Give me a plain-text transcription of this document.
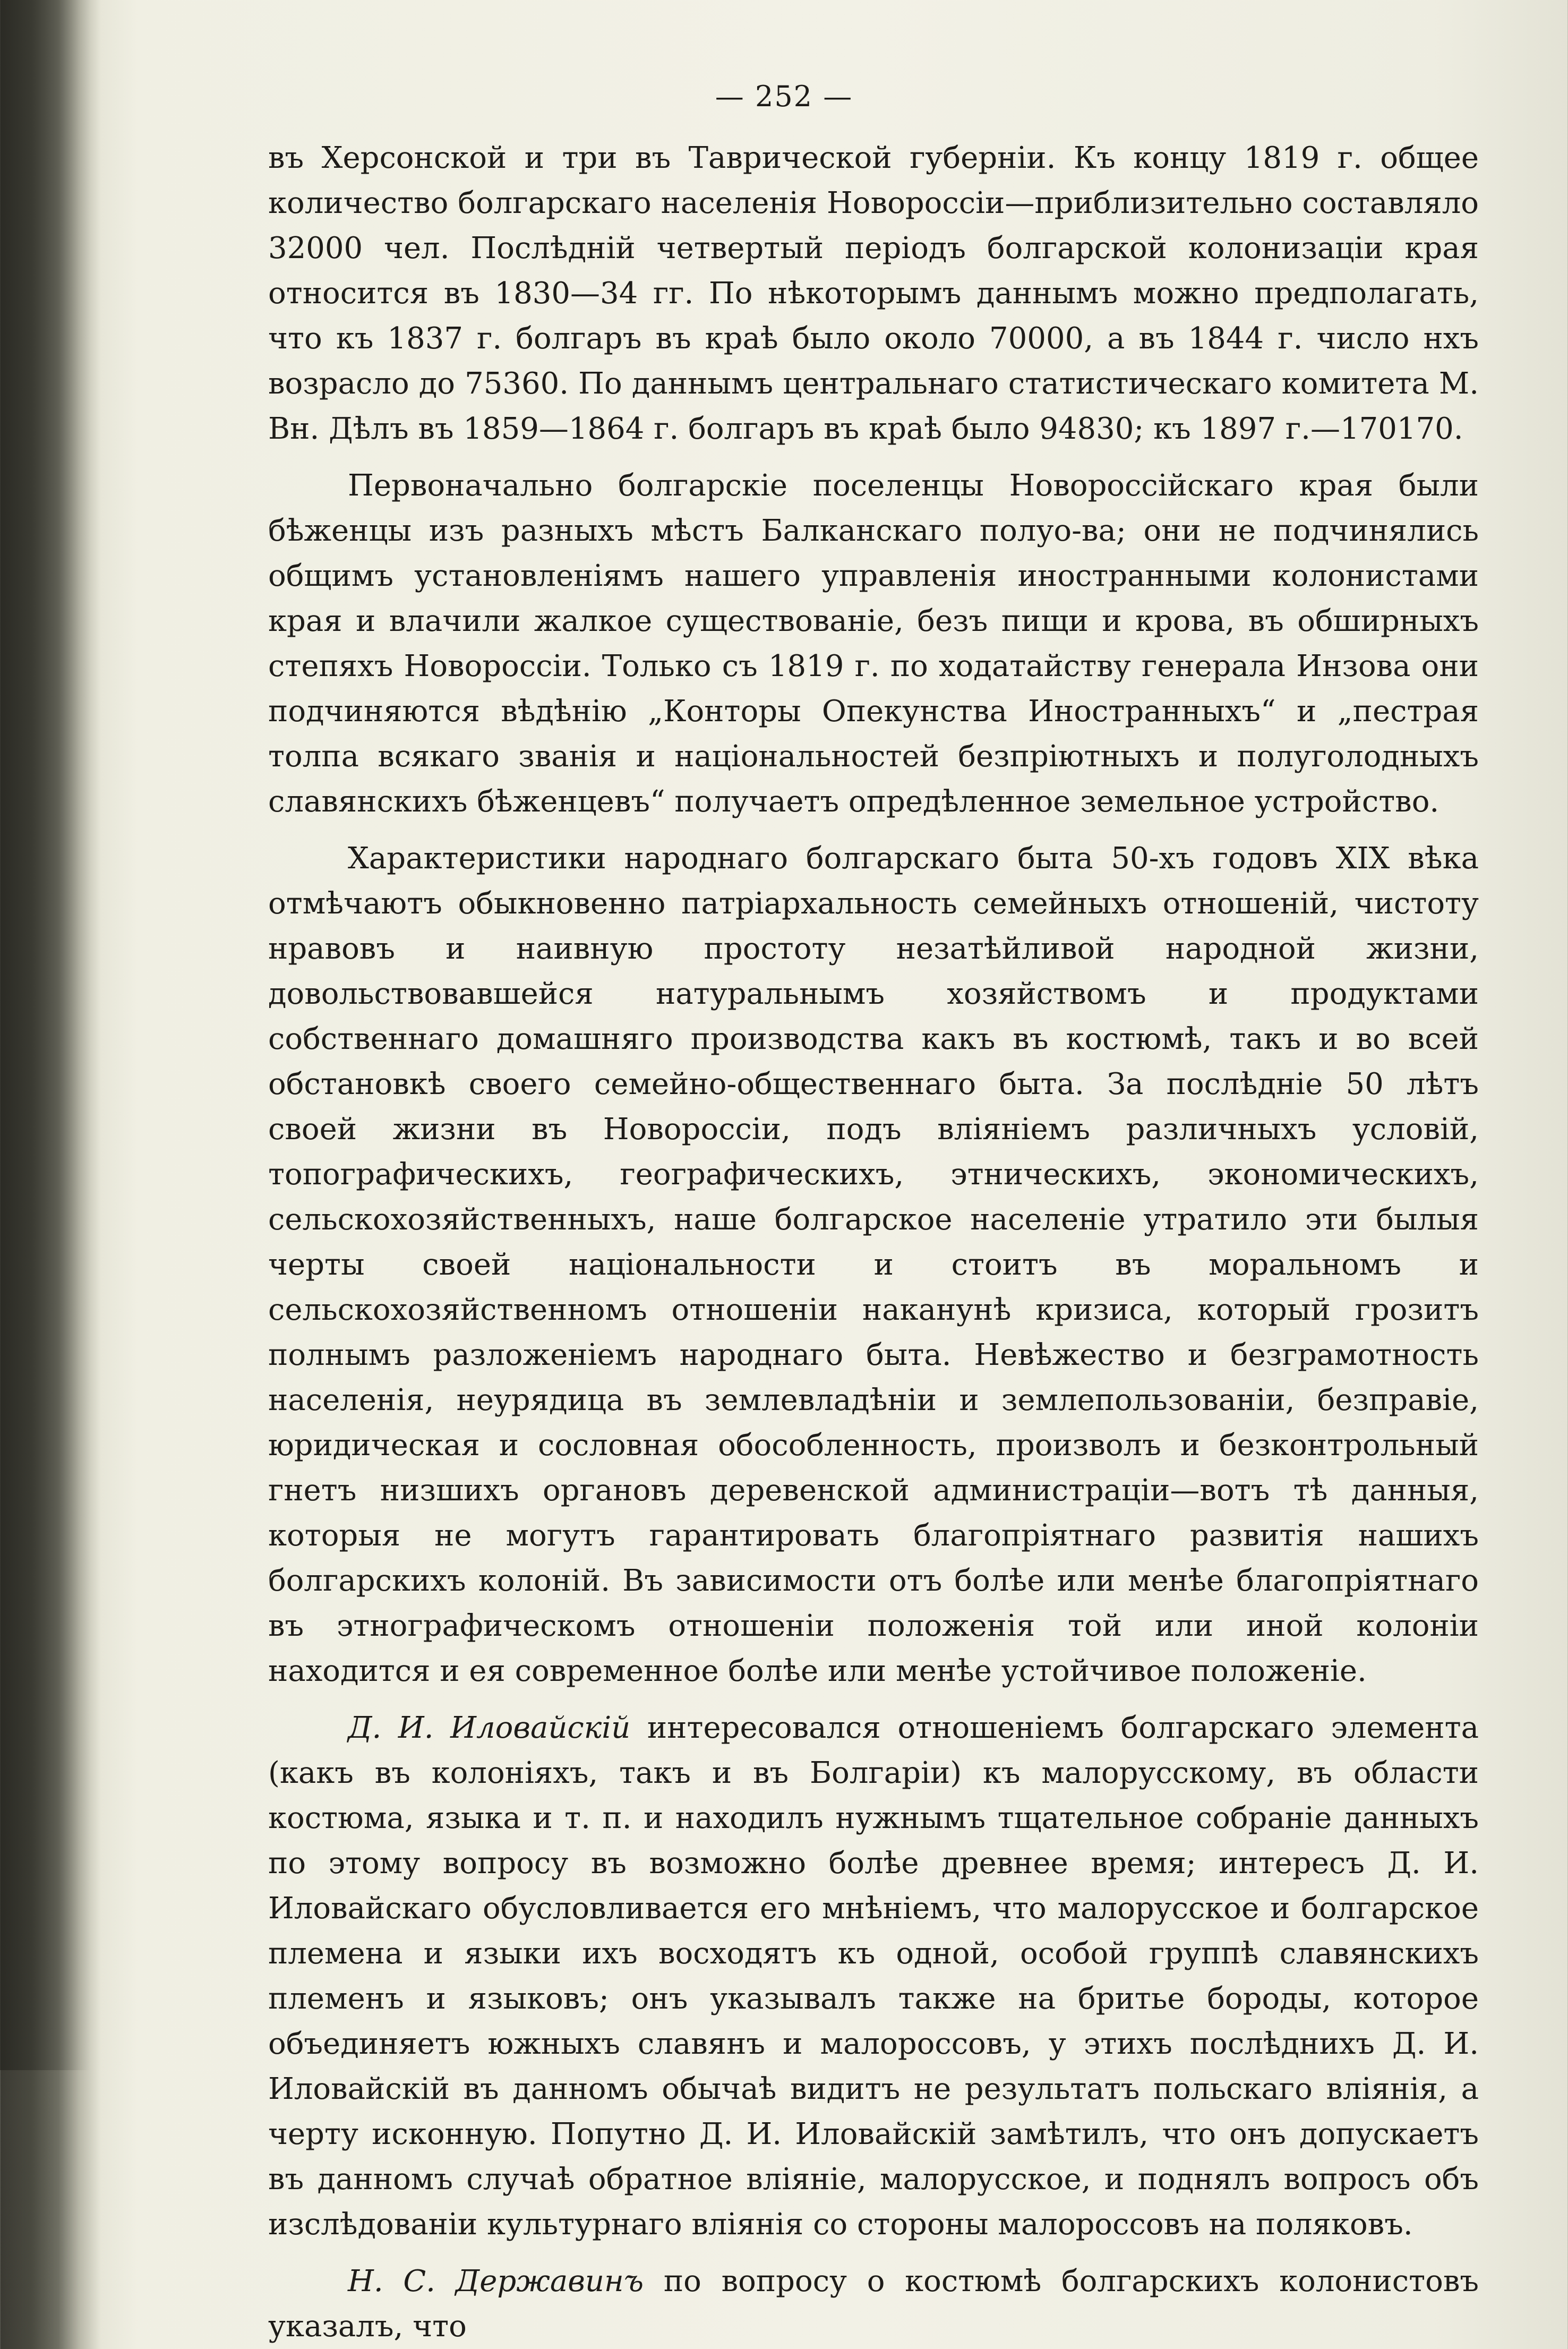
— 252 —

въ Херсонской и три въ Таврической губерніи. Къ концу 1819 г. общее количество болгарскаго населенія Новороссіи—приблизительно составляло 32000 чел. Послѣдній четвертый періодъ болгарской колонизаціи края относится въ 1830—34 гг. По нѣкоторымъ даннымъ можно предполагать, что къ 1837 г. болгаръ въ краѣ было около 70000, а въ 1844 г. число нхъ возрасло до 75360. По даннымъ центральнаго статистическаго комитета М. Вн. Дѣлъ въ 1859—1864 г. болгаръ въ краѣ было 94830; къ 1897 г.—170170.

Первоначально болгарскіе поселенцы Новороссійскаго края были бѣженцы изъ разныхъ мѣстъ Балканскаго полуо-ва; они не подчинялись общимъ установленіямъ нашего управленія иностранными колонистами края и влачили жалкое существованіе, безъ пищи и крова, въ обширныхъ степяхъ Новороссіи. Только съ 1819 г. по ходатайству генерала Инзова они подчиняются вѣдѣнію „Конторы Опекунства Иностранныхъ“ и „пестрая толпа всякаго званія и національностей безпріютныхъ и полуголодныхъ славянскихъ бѣженцевъ“ получаетъ опредѣленное земельное устройство.

Характеристики народнаго болгарскаго быта 50-хъ годовъ XIX вѣка отмѣчаютъ обыкновенно патріархальность семейныхъ отношеній, чистоту нравовъ и наивную простоту незатѣйливой народной жизни, довольствовавшейся натуральнымъ хозяйствомъ и продуктами собственнаго домашняго производства какъ въ костюмѣ, такъ и во всей обстановкѣ своего семейно-общественнаго быта. За послѣдніе 50 лѣтъ своей жизни въ Новороссіи, подъ вліяніемъ различныхъ условій, топографическихъ, географическихъ, этническихъ, экономическихъ, сельскохозяйственныхъ, наше болгарское населеніе утратило эти былыя черты своей національности и стоитъ въ моральномъ и сельскохозяйственномъ отношеніи наканунѣ кризиса, который грозитъ полнымъ разложеніемъ народнаго быта. Невѣжество и безграмотность населенія, неурядица въ землевладѣніи и землепользованіи, безправіе, юридическая и сословная обособленность, произволъ и безконтрольный гнетъ низшихъ органовъ деревенской администраціи—вотъ тѣ данныя, которыя не могутъ гарантировать благопріятнаго развитія нашихъ болгарскихъ колоній. Въ зависимости отъ болѣе или менѣе благопріятнаго въ этнографическомъ отношеніи положенія той или иной колоніи находится и ея современное болѣе или менѣе устойчивое положеніе.

Д. И. Иловайскій интересовался отношеніемъ болгарскаго элемента (какъ въ колоніяхъ, такъ и въ Болгаріи) къ малорусскому, въ области костюма, языка и т. п. и находилъ нужнымъ тщательное собраніе данныхъ по этому вопросу въ возможно болѣе древнее время; интересъ Д. И. Иловайскаго обусловливается его мнѣніемъ, что малорусское и болгарское племена и языки ихъ восходятъ къ одной, особой группѣ славянскихъ племенъ и языковъ; онъ указывалъ также на бритье бороды, которое объединяетъ южныхъ славянъ и малороссовъ, у этихъ послѣднихъ Д. И. Иловайскій въ данномъ обычаѣ видитъ не результатъ польскаго вліянія, а черту исконную. Попутно Д. И. Иловайскій замѣтилъ, что онъ допускаетъ въ данномъ случаѣ обратное вліяніе, малорусское, и поднялъ вопросъ объ изслѣдованіи культурнаго вліянія со стороны малороссовъ на поляковъ.

Н. С. Державинъ по вопросу о костюмѣ болгарскихъ колонистовъ указалъ, что
